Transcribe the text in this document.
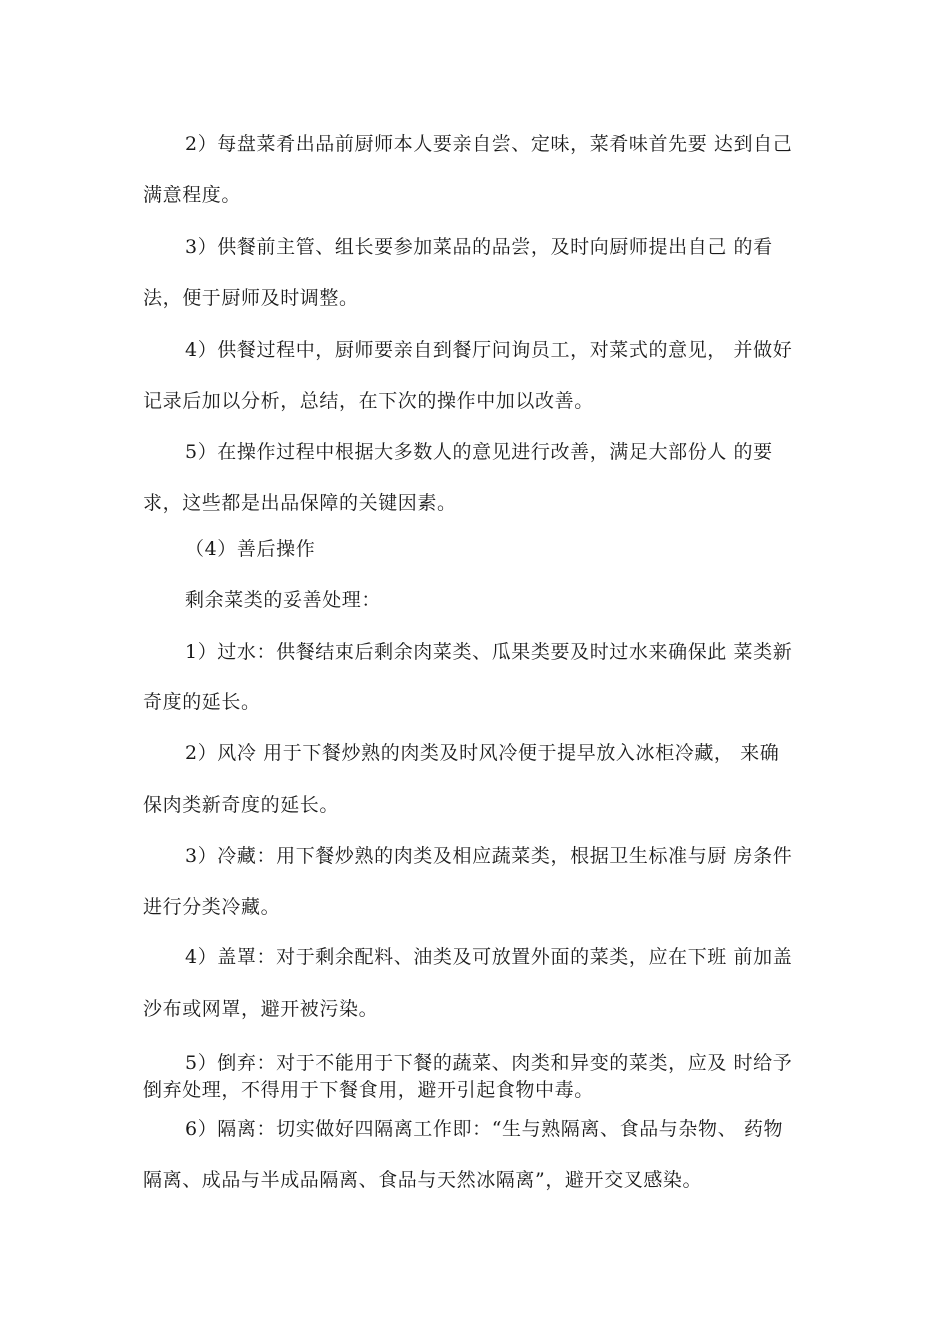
2）每盘菜肴出品前厨师本人要亲自尝、定味，菜肴味首先要 达到自己
满意程度。
3）供餐前主管、组长要参加菜品的品尝，及时向厨师提出自己 的看
法，便于厨师及时调整。
4）供餐过程中，厨师要亲自到餐厅问询员工，对菜式的意见， 并做好
记录后加以分析，总结，在下次的操作中加以改善。
5）在操作过程中根据大多数人的意见进行改善，满足大部份人 的要
求，这些都是出品保障的关键因素。
（4）善后操作
剩余菜类的妥善处理：
1）过水：供餐结束后剩余肉菜类、瓜果类要及时过水来确保此 菜类新
奇度的延长。
2）风冷 用于下餐炒熟的肉类及时风冷便于提早放入冰柜冷藏， 来确
保肉类新奇度的延长。
3）冷藏：用下餐炒熟的肉类及相应蔬菜类，根据卫生标准与厨 房条件
进行分类冷藏。
4）盖罩：对于剩余配料、油类及可放置外面的菜类，应在下班 前加盖
沙布或网罩，避开被污染。
5）倒弃：对于不能用于下餐的蔬菜、肉类和异变的菜类，应及 时给予
倒弃处理，不得用于下餐食用，避开引起食物中毒。
6）隔离：切实做好四隔离工作即：“生与熟隔离、食品与杂物、 药物
隔离、成品与半成品隔离、食品与天然冰隔离”，避开交叉感染。
